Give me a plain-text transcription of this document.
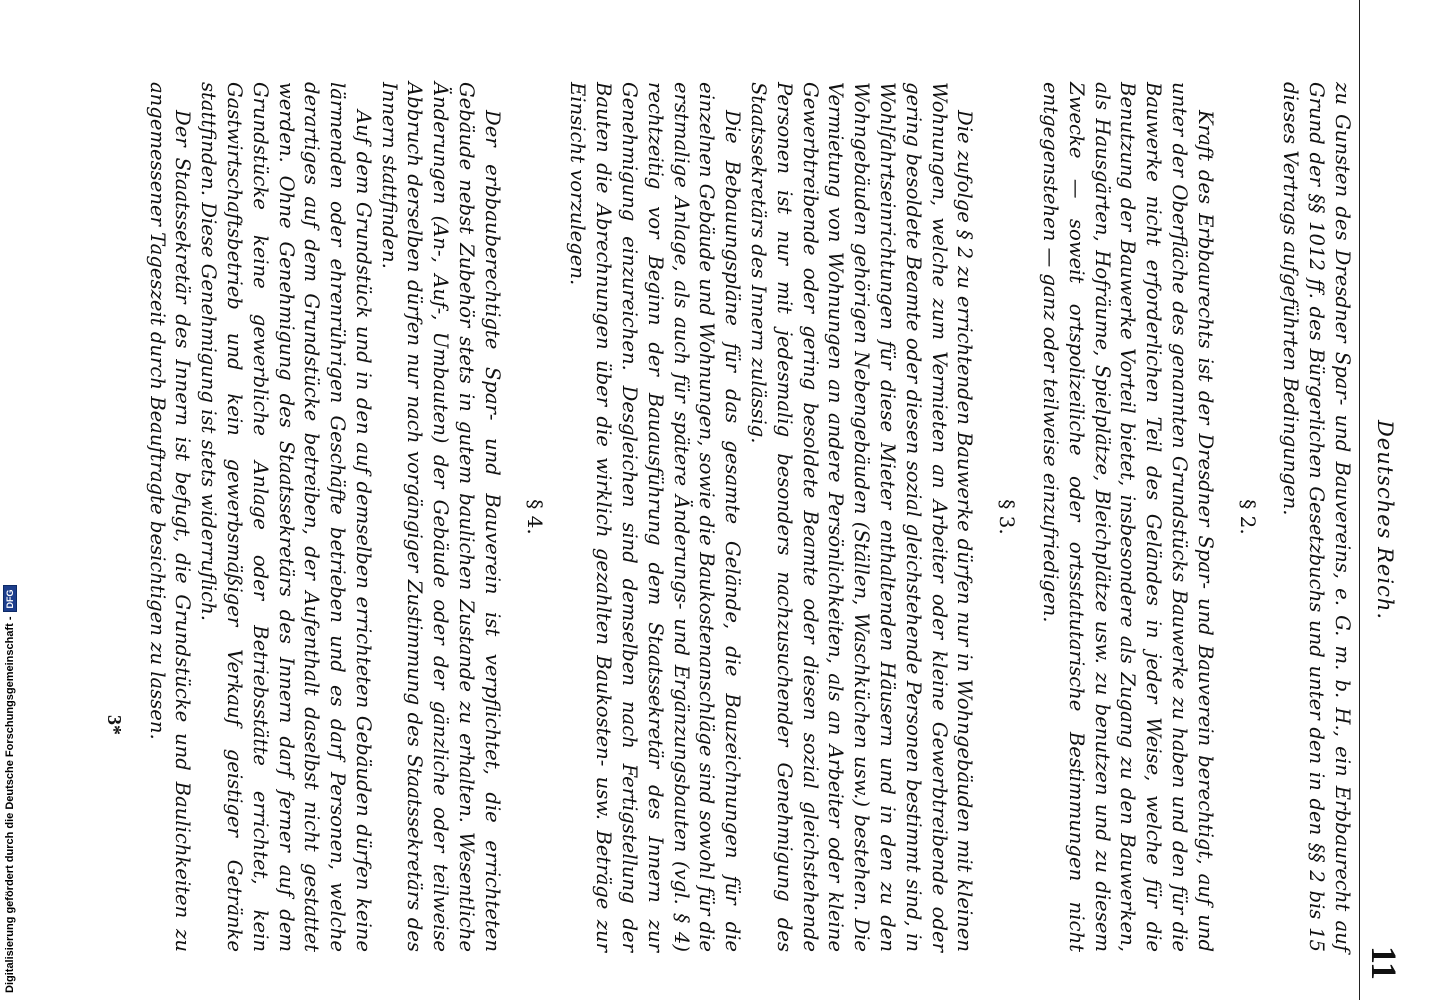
Deutsches Reich.
11

zu Gunsten des Dresdner Spar- und Bauvereins, e. G. m. b. H., ein Erbbaurecht auf Grund der §§ 1012 ff. des Bürgerlichen Gesetzbuchs und unter den in den §§ 2 bis 15 dieses Vertrags aufgeführten Bedingungen.

§ 2.

Kraft des Erbbaurechts ist der Dresdner Spar- und Bauverein berechtigt, auf und unter der Oberfläche des genannten Grundstücks Bauwerke zu haben und den für die Bauwerke nicht erforderlichen Teil des Geländes in jeder Weise, welche für die Benutzung der Bauwerke Vorteil bietet, insbesondere als Zugang zu den Bauwerken, als Hausgärten, Hofräume, Spielplätze, Bleichplätze usw. zu benutzen und zu diesem Zwecke — soweit ortspolizeiliche oder ortsstatutarische Bestimmungen nicht entgegenstehen — ganz oder teilweise einzufriedigen.

§ 3.

Die zufolge § 2 zu errichtenden Bauwerke dürfen nur in Wohngebäuden mit kleinen Wohnungen, welche zum Vermieten an Arbeiter oder kleine Gewerbtreibende oder gering besoldete Beamte oder diesen sozial gleichstehende Personen bestimmt sind, in Wohlfahrtseinrichtungen für diese Mieter enthaltenden Häusern und in den zu den Wohngebäuden gehörigen Nebengebäuden (Ställen, Waschküchen usw.) bestehen. Die Vermietung von Wohnungen an andere Persönlichkeiten, als an Arbeiter oder kleine Gewerbtreibende oder gering besoldete Beamte oder diesen sozial gleichstehende Personen ist nur mit jedesmalig besonders nachzusuchender Genehmigung des Staatssekretärs des Innern zulässig.

Die Bebauungspläne für das gesamte Gelände, die Bauzeichnungen für die einzelnen Gebäude und Wohnungen, sowie die Baukostenanschläge sind sowohl für die erstmalige Anlage, als auch für spätere Änderungs- und Ergänzungsbauten (vgl. § 4) rechtzeitig vor Beginn der Bauausführung dem Staatssekretär des Innern zur Genehmigung einzureichen. Desgleichen sind demselben nach Fertigstellung der Bauten die Abrechnungen über die wirklich gezahlten Baukosten- usw. Beträge zur Einsicht vorzulegen.

§ 4.

Der erbbauberechtigte Spar- und Bauverein ist verpflichtet, die errichteten Gebäude nebst Zubehör stets in gutem baulichen Zustande zu erhalten. Wesentliche Änderungen (An-, Auf-, Umbauten) der Gebäude oder der gänzliche oder teilweise Abbruch derselben dürfen nur nach vorgängiger Zustimmung des Staatssekretärs des Innern stattfinden.

Auf dem Grundstück und in den auf demselben errichteten Gebäuden dürfen keine lärmenden oder ehrenrührigen Geschäfte betrieben und es darf Personen, welche derartiges auf dem Grundstücke betreiben, der Aufenthalt daselbst nicht gestattet werden. Ohne Genehmigung des Staatssekretärs des Innern darf ferner auf dem Grundstücke keine gewerbliche Anlage oder Betriebsstätte errichtet, kein Gastwirtschaftsbetrieb und kein gewerbsmäßiger Verkauf geistiger Getränke stattfinden. Diese Genehmigung ist stets widerruflich.

Der Staatssekretär des Innern ist befugt, die Grundstücke und Baulichkeiten zu angemessener Tageszeit durch Beauftragte besichtigen zu lassen.

3*
Digitalisierung gefördert durch die Deutsche Forschungsgemeinschaft -
DFG
